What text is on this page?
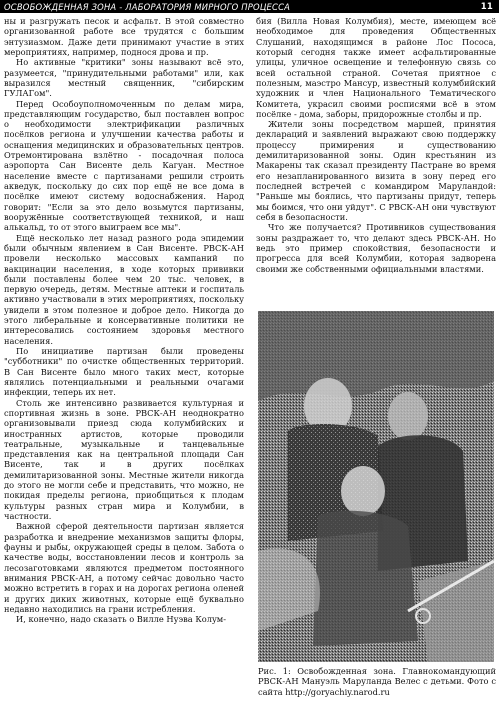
ОСВОБОЖДЕННАЯ ЗОНА - ЛАБОРАТОРИЯ МИРНОГО ПРОЦЕССА	11

ны и разгружать песок и асфальт. В этой совместно организованной работе все трудятся с большим энтузиазмом. Даже дети принимают участие в этих мероприятиях, например, поднося дрова и пр.

Но активные "критики" зоны называют всё это, разумеется, "принудительными работами" или, как выразился местный священник, "сибирским ГУЛАГом".

Перед Особоуполномоченным по делам мира, представляющим государство, был поставлен вопрос о необходимости электрификации различных посёлков региона и улучшении качества работы и оснащения медицинских и образовательных центров. Отремонтирована взлётно - посадочная полоса аэропорта Сан Висенте дель Кагуан. Местное население вместе с партизанами решили строить акведук, поскольку до сих пор ещё не все дома в посёлке имеют систему водоснабжения. Народ говорит: "Если за это дело возьмутся партизаны, вооружённые соответствующей техникой, и наш алькальд, то от этого выиграем все мы".

Ещё несколько лет назад разного рода эпидемии были обычным явлением в Сан Висенте. РВСК-АН провели несколько массовых кампаний по вакцинации населения, в ходе которых прививки были поставлены более чем 20 тыс. человек, в первую очередь, детям. Местные аптеки и госпиталь активно участвовали в этих мероприятиях, поскольку увидели в этом полезное и доброе дело. Никогда до этого либеральные и консервативные политики не интересовались состоянием здоровья местного населения.

По инициативе партизан были проведены "субботники" по очистке общественных территорий. В Сан Висенте было много таких мест, которые являлись потенциальными и реальными очагами инфекции, теперь их нет.

Столь же интенсивно развивается культурная и спортивная жизнь в зоне. РВСК-АН неоднократно организовывали приезд сюда колумбийских и иностранных артистов, которые проводили театральные, музыкальные и танцевальные представления как на центральной площади Сан Висенте, так и в других посёлках демилитаризованной зоны. Местные жители никогда до этого не могли себе и представить, что можно, не покидая пределы региона, приобщиться к плодам культуры разных стран мира и Колумбии, в частности.

Важной сферой деятельности партизан является разработка и внедрение механизмов защиты флоры, фауны и рыбы, окружающей среды в целом. Забота о качестве воды, восстановлении лесов и контроль за лесозаготовками являются предметом постоянного внимания РВСК-АН, а потому сейчас довольно часто можно встретить в горах и на дорогах региона оленей и других диких животных, которые ещё буквально недавно находились на грани истребления.

И, конечно, надо сказать о Вилле Нуэва Колум-

бия (Вилла Новая Колумбия), месте, имеющем всё необходимое для проведения Общественных Слушаний, находящимся в районе Лос Пососа, который сегодня также имеет асфальтированные улицы, уличное освещение и телефонную связь со всей остальной страной. Сочетая приятное с полезным, маэстро Мансур, известный колумбийский художник и член Национального Тематического Комитета, украсил своими росписями всё в этом посёлке - дома, заборы, придорожные столбы и пр.

Жители зоны посредством маршей, принятия деклараций и заявлений выражают свою поддержку процессу примирения и существованию демилитаризованной зоны. Один крестьянин из Макарены так сказал президенту Пастране во время его незапланированного визита в зону перед его последней встречей с командиром Маруландой: "Раньше мы боялись, что партизаны придут, теперь мы боимся, что они уйдут". С РВСК-АН они чувствуют себя в безопасности.

Что же получается? Противников существования зоны раздражает то, что делают здесь РВСК-АН. Но ведь это пример спокойствия, безопасности и прогресса для всей Колумбии, которая задворена своими же собственными официальными властями.

Рис. 1: Освобожденная зона. Главнокомандующий РВСК-АН Мануэль Маруланда Велес с детьми. Фото с сайта http://goryachiy.narod.ru
